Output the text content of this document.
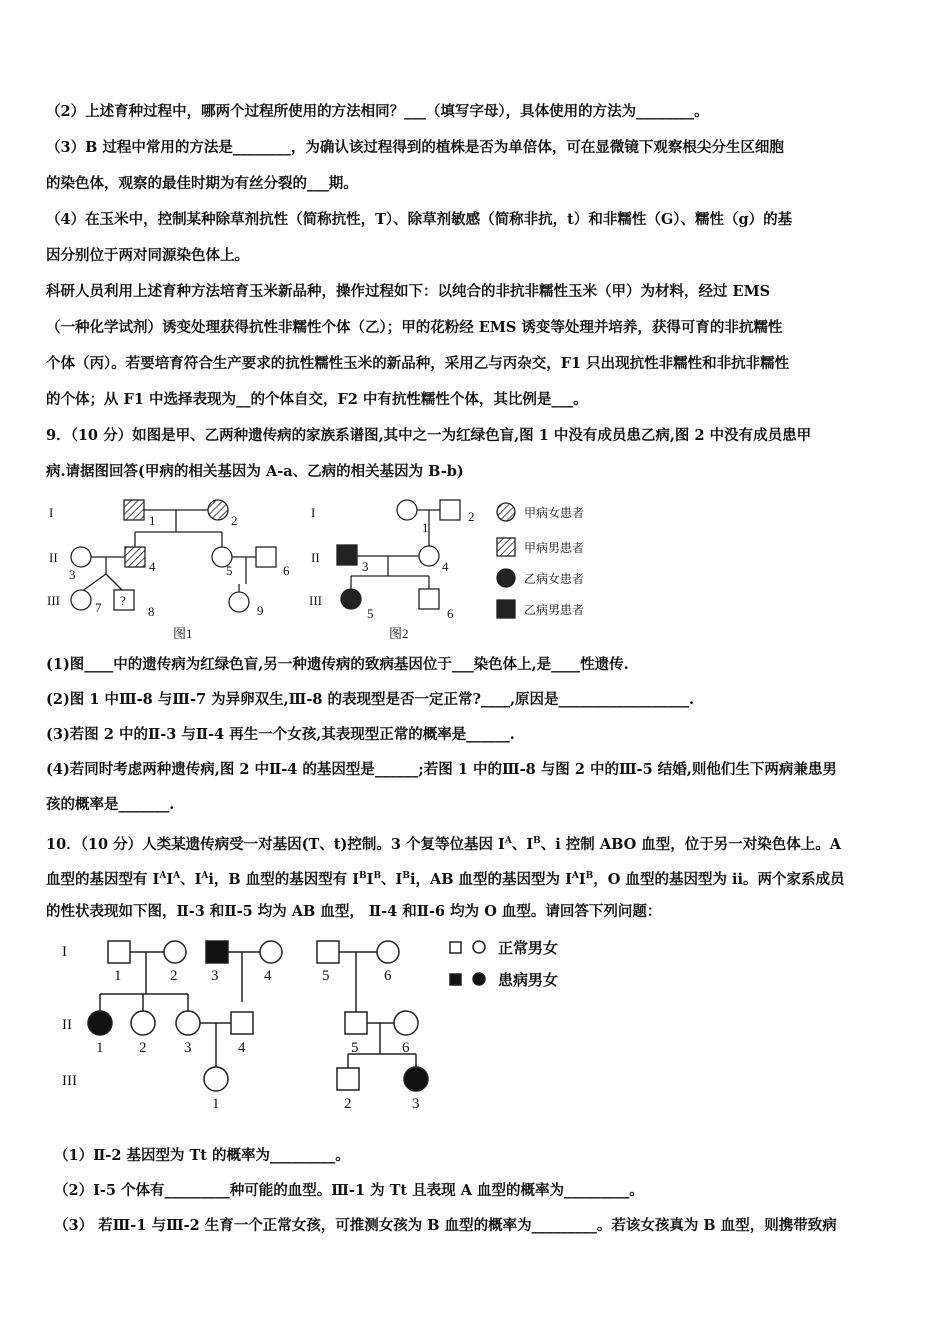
（2）上述育种过程中，哪两个过程所使用的方法相同？___（填写字母），具体使用的方法为________。
（3）B 过程中常用的方法是________，为确认该过程得到的植株是否为单倍体，可在显微镜下观察根尖分生区细胞
的染色体，观察的最佳时期为有丝分裂的___期。
（4）在玉米中，控制某种除草剂抗性（简称抗性，T）、除草剂敏感（简称非抗，t）和非糯性（G）、糯性（g）的基
因分别位于两对同源染色体上。
科研人员利用上述育种方法培育玉米新品种，操作过程如下：以纯合的非抗非糯性玉米（甲）为材料，经过 EMS
（一种化学试剂）诱变处理获得抗性非糯性个体（乙）；甲的花粉经 EMS 诱变等处理并培养，获得可育的非抗糯性
个体（丙）。若要培育符合生产要求的抗性糯性玉米的新品种，采用乙与丙杂交，F1 只出现抗性非糯性和非抗非糯性
的个体；从 F1 中选择表现为__的个体自交，F2 中有抗性糯性个体，其比例是___。
9．（10 分）如图是甲、乙两种遗传病的家族系谱图,其中之一为红绿色盲,图 1 中没有成员患乙病,图 2 中没有成员患甲
病.请据图回答(甲病的相关基因为 A-a、乙病的相关基因为 B-b)
I
II
III
1	2
3
4	5	6
7 ?
8	9
图1
I
II
III
1
2
3	4
5	6
图2
甲病女患者
甲病男患者
乙病女患者
乙病男患者
(1)图____中的遗传病为红绿色盲,另一种遗传病的致病基因位于___染色体上,是____性遗传.
(2)图 1 中Ⅲ-8 与Ⅲ-7 为异卵双生,Ⅲ-8 的表现型是否一定正常?____,原因是__________________.
(3)若图 2 中的Ⅱ-3 与Ⅱ-4 再生一个女孩,其表现型正常的概率是______.
(4)若同时考虑两种遗传病,图 2 中Ⅱ-4 的基因型是______;若图 1 中的Ⅲ-8 与图 2 中的Ⅲ-5 结婚,则他们生下两病兼患男
孩的概率是_______.
10．（10 分）人类某遗传病受一对基因(T、t)控制。3 个复等位基因 $I^A$、$I^B$、i 控制 ABO 血型，位于另一对染色体上。A
血型的基因型有 $I^AI^A$、$I^Ai$，B 血型的基因型有 $I^BI^B$、$I^Bi$，AB 血型的基因型为 $I^AI^B$，O 血型的基因型为 ii。两个家系成员
的性状表现如下图，Ⅱ-3 和Ⅱ-5 均为 AB 血型， Ⅱ-4 和Ⅱ-6 均为 O 血型。请回答下列问题：
I
II
III
1	2 3	4
1 2	3	4
1
5	6
5	6
2	3
正常男女
患病男女
（1）Ⅱ-2 基因型为 Tt 的概率为_________。
（2）Ⅰ-5 个体有_________种可能的血型。Ⅲ-1 为 Tt 且表现 A 血型的概率为_________。
（3） 若Ⅲ-1 与Ⅲ-2 生育一个正常女孩，可推测女孩为 B 血型的概率为_________。若该女孩真为 B 血型，则携带致病
